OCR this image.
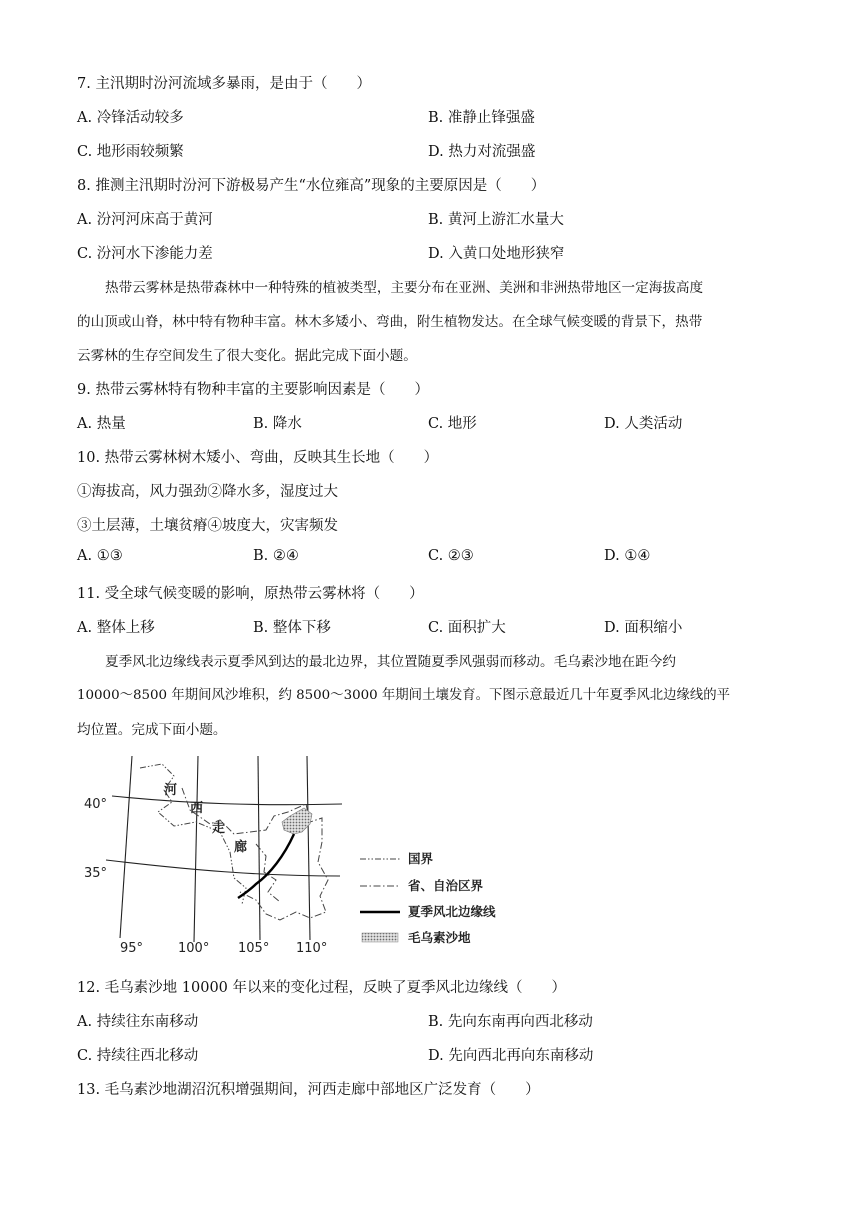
7. 主汛期时汾河流域多暴雨，是由于（　　）
A. 冷锋活动较多	B. 准静止锋强盛
C. 地形雨较频繁	D. 热力对流强盛
8. 推测主汛期时汾河下游极易产生“水位雍高”现象的主要原因是（　　）
A. 汾河河床高于黄河	B. 黄河上游汇水量大
C. 汾河水下渗能力差	D. 入黄口处地形狭窄
热带云雾林是热带森林中一种特殊的植被类型，主要分布在亚洲、美洲和非洲热带地区一定海拔高度
的山顶或山脊，林中特有物种丰富。林木多矮小、弯曲，附生植物发达。在全球气候变暖的背景下，热带
云雾林的生存空间发生了很大变化。据此完成下面小题。
9. 热带云雾林特有物种丰富的主要影响因素是（　　）
A. 热量	B. 降水	C. 地形	D. 人类活动
10. 热带云雾林树木矮小、弯曲，反映其生长地（　　）
①海拔高，风力强劲②降水多，湿度过大
③土层薄，土壤贫瘠④坡度大，灾害频发
A. ①③	B. ②④	C. ②③	D. ①④
11. 受全球气候变暖的影响，原热带云雾林将（　　）
A. 整体上移	B. 整体下移	C. 面积扩大	D. 面积缩小
夏季风北边缘线表示夏季风到达的最北边界，其位置随夏季风强弱而移动。毛乌素沙地在距今约
10000～8500 年期间风沙堆积，约 8500～3000 年期间土壤发育。下图示意最近几十年夏季风北边缘线的平
均位置。完成下面小题。
40°
35°
95°	100° 105° 110°
河
西
走
廊
国界
省、自治区界
夏季风北边缘线
毛乌素沙地
12. 毛乌素沙地 10000 年以来的变化过程，反映了夏季风北边缘线（　　）
A. 持续往东南移动	B. 先向东南再向西北移动
C. 持续往西北移动	D. 先向西北再向东南移动
13. 毛乌素沙地湖沼沉积增强期间，河西走廊中部地区广泛发育（　　）
